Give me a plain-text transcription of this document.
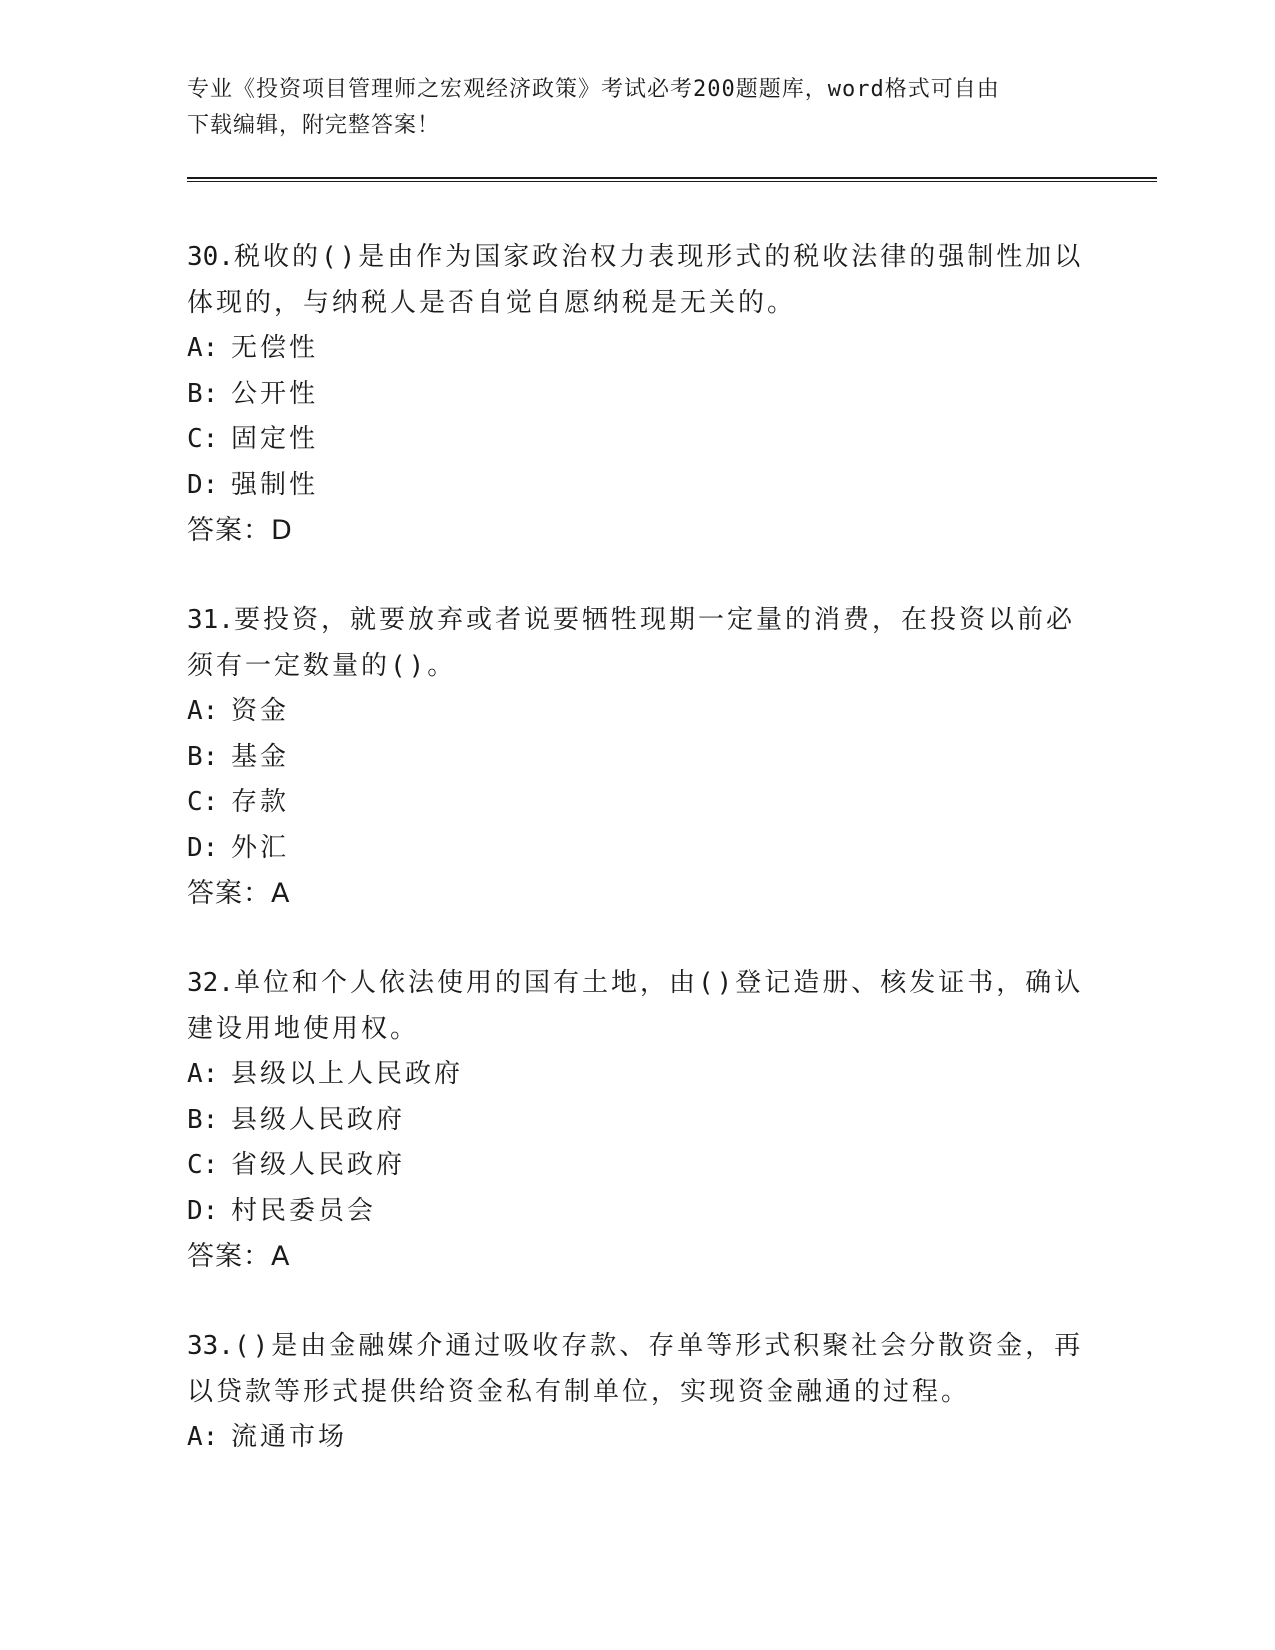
专业《投资项目管理师之宏观经济政策》考试必考200题题库，word格式可自由
下载编辑，附完整答案！
30.税收的()是由作为国家政治权力表现形式的税收法律的强制性加以
体现的，与纳税人是否自觉自愿纳税是无关的。
A: 无偿性
B: 公开性
C: 固定性
D: 强制性
答案：D
31.要投资，就要放弃或者说要牺牲现期一定量的消费，在投资以前必
须有一定数量的()。
A: 资金
B: 基金
C: 存款
D: 外汇
答案：A
32.单位和个人依法使用的国有土地，由()登记造册、核发证书，确认
建设用地使用权。
A: 县级以上人民政府
B: 县级人民政府
C: 省级人民政府
D: 村民委员会
答案：A
33.()是由金融媒介通过吸收存款、存单等形式积聚社会分散资金，再
以贷款等形式提供给资金私有制单位，实现资金融通的过程。
A: 流通市场
